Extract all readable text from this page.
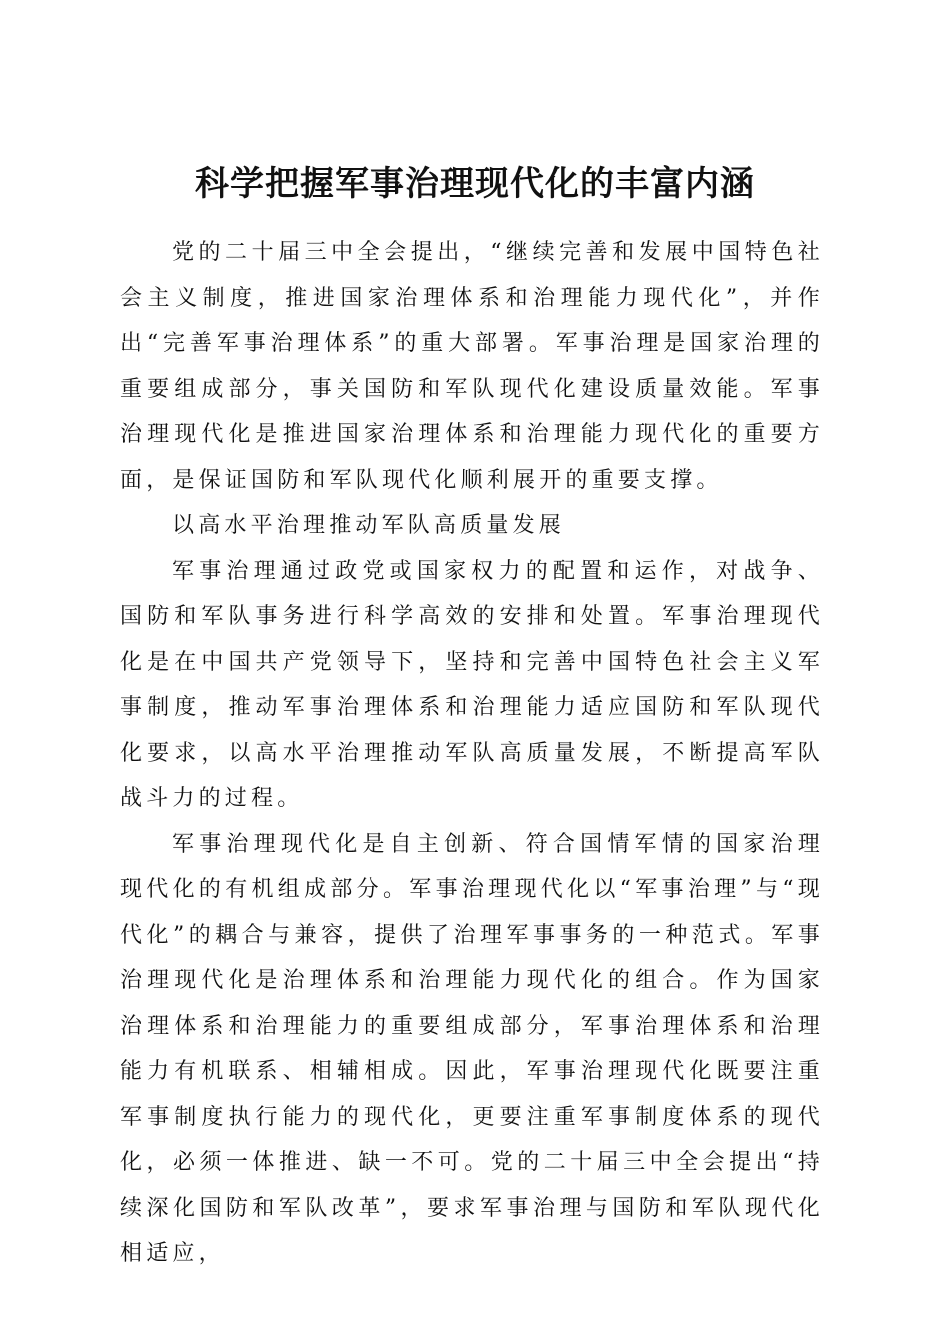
科学把握军事治理现代化的丰富内涵

党的二十届三中全会提出，“继续完善和发展中国特色社会主义制度，推进国家治理体系和治理能力现代化”，并作出“完善军事治理体系”的重大部署。军事治理是国家治理的重要组成部分，事关国防和军队现代化建设质量效能。军事治理现代化是推进国家治理体系和治理能力现代化的重要方面，是保证国防和军队现代化顺利展开的重要支撑。

以高水平治理推动军队高质量发展

军事治理通过政党或国家权力的配置和运作，对战争、国防和军队事务进行科学高效的安排和处置。军事治理现代化是在中国共产党领导下，坚持和完善中国特色社会主义军事制度，推动军事治理体系和治理能力适应国防和军队现代化要求，以高水平治理推动军队高质量发展，不断提高军队战斗力的过程。

军事治理现代化是自主创新、符合国情军情的国家治理现代化的有机组成部分。军事治理现代化以“军事治理”与“现代化”的耦合与兼容，提供了治理军事事务的一种范式。军事治理现代化是治理体系和治理能力现代化的组合。作为国家治理体系和治理能力的重要组成部分，军事治理体系和治理能力有机联系、相辅相成。因此，军事治理现代化既要注重军事制度执行能力的现代化，更要注重军事制度体系的现代化，必须一体推进、缺一不可。党的二十届三中全会提出“持续深化国防和军队改革”，要求军事治理与国防和军队现代化相适应，
